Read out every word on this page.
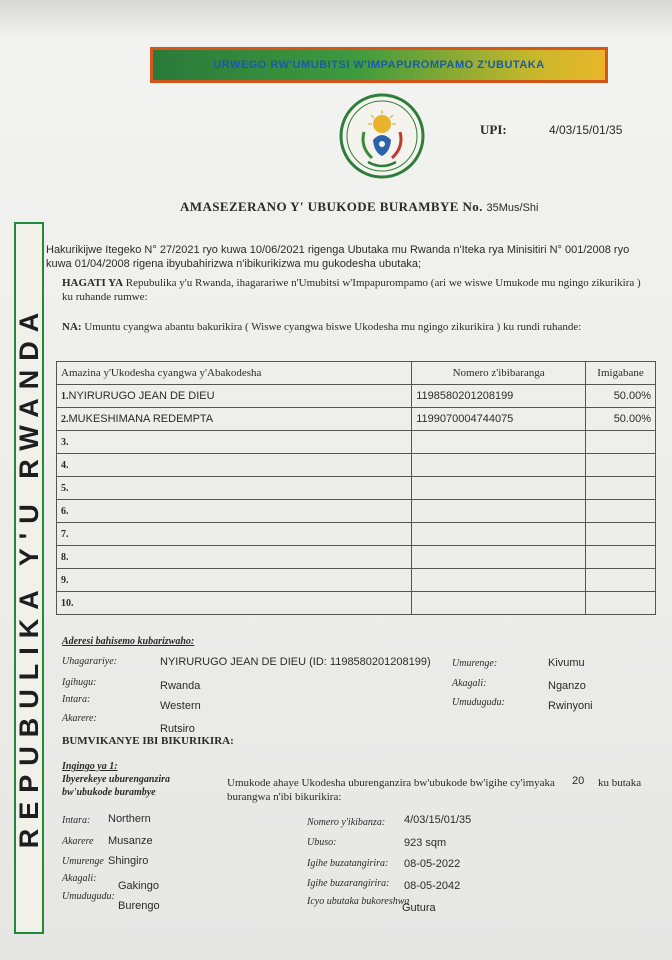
URWEGO RW'UMUBITSI W'IMPAPUROMPAMO Z'UBUTAKA
UPI:	4/03/15/01/35
AMASEZERANO Y' UBUKODE BURAMBYE No. 35Mus/Shi
REPUBULIKA Y'U RWANDA
Hakurikijwe Itegeko N° 27/2021 ryo kuwa 10/06/2021 rigenga Ubutaka mu Rwanda n'Iteka rya Minisitiri N° 001/2008 ryo kuwa 01/04/2008 rigena ibyubahirizwa n'ibikurikizwa mu gukodesha ubutaka;
HAGATI YA Repubulika y'u Rwanda, ihagarariwe n'Umubitsi w'Impapurompamo (ari we wiswe Umukode mu ngingo zikurikira ) ku ruhande rumwe:
NA: Umuntu cyangwa abantu bakurikira ( Wiswe cyangwa biswe Ukodesha mu ngingo zikurikira ) ku rundi ruhande:
Amazina y'Ukodesha cyangwa y'Abakodesha	Nomero z'ibibaranga	Imigabane
1.NYIRURUGO JEAN DE DIEU	1198580201208199	50.00%
2.MUKESHIMANA REDEMPTA	1199070004744075	50.00%
3.		
4.		
5.		
6.		
7.		
8.		
9.		
10.		
Aderesi bahisemo kubarizwaho:
Uhagarariye:	NYIRURUGO JEAN DE DIEU (ID: 1198580201208199)
Igihugu:	Rwanda
Intara:
Western
Akarere:
Rutsiro
Umurenge:	Kivumu
Akagali:	Nganzo
Umudugudu:	Rwinyoni
BUMVIKANYE IBI BIKURIKIRA:
Ingingo ya 1:
Ibyerekeye uburenganzira bw'ubukode burambye
Umukode ahaye Ukodesha uburenganzira bw'ubukode bw'igihe cy'imyaka 20 ku butaka
burangwa n'ibi bikurikira:
Intara: Northern
Akarere Musanze
Umurenge Shingiro
Akagali:
Gakingo
Umudugudu:
Burengo
Nomero y'ikibanza: 4/03/15/01/35
Ubuso:	923 sqm
Igihe buzatangirira: 08-05-2022
Igihe buzarangirira: 08-05-2042
Icyo ubutaka bukoreshwa
Guturа
